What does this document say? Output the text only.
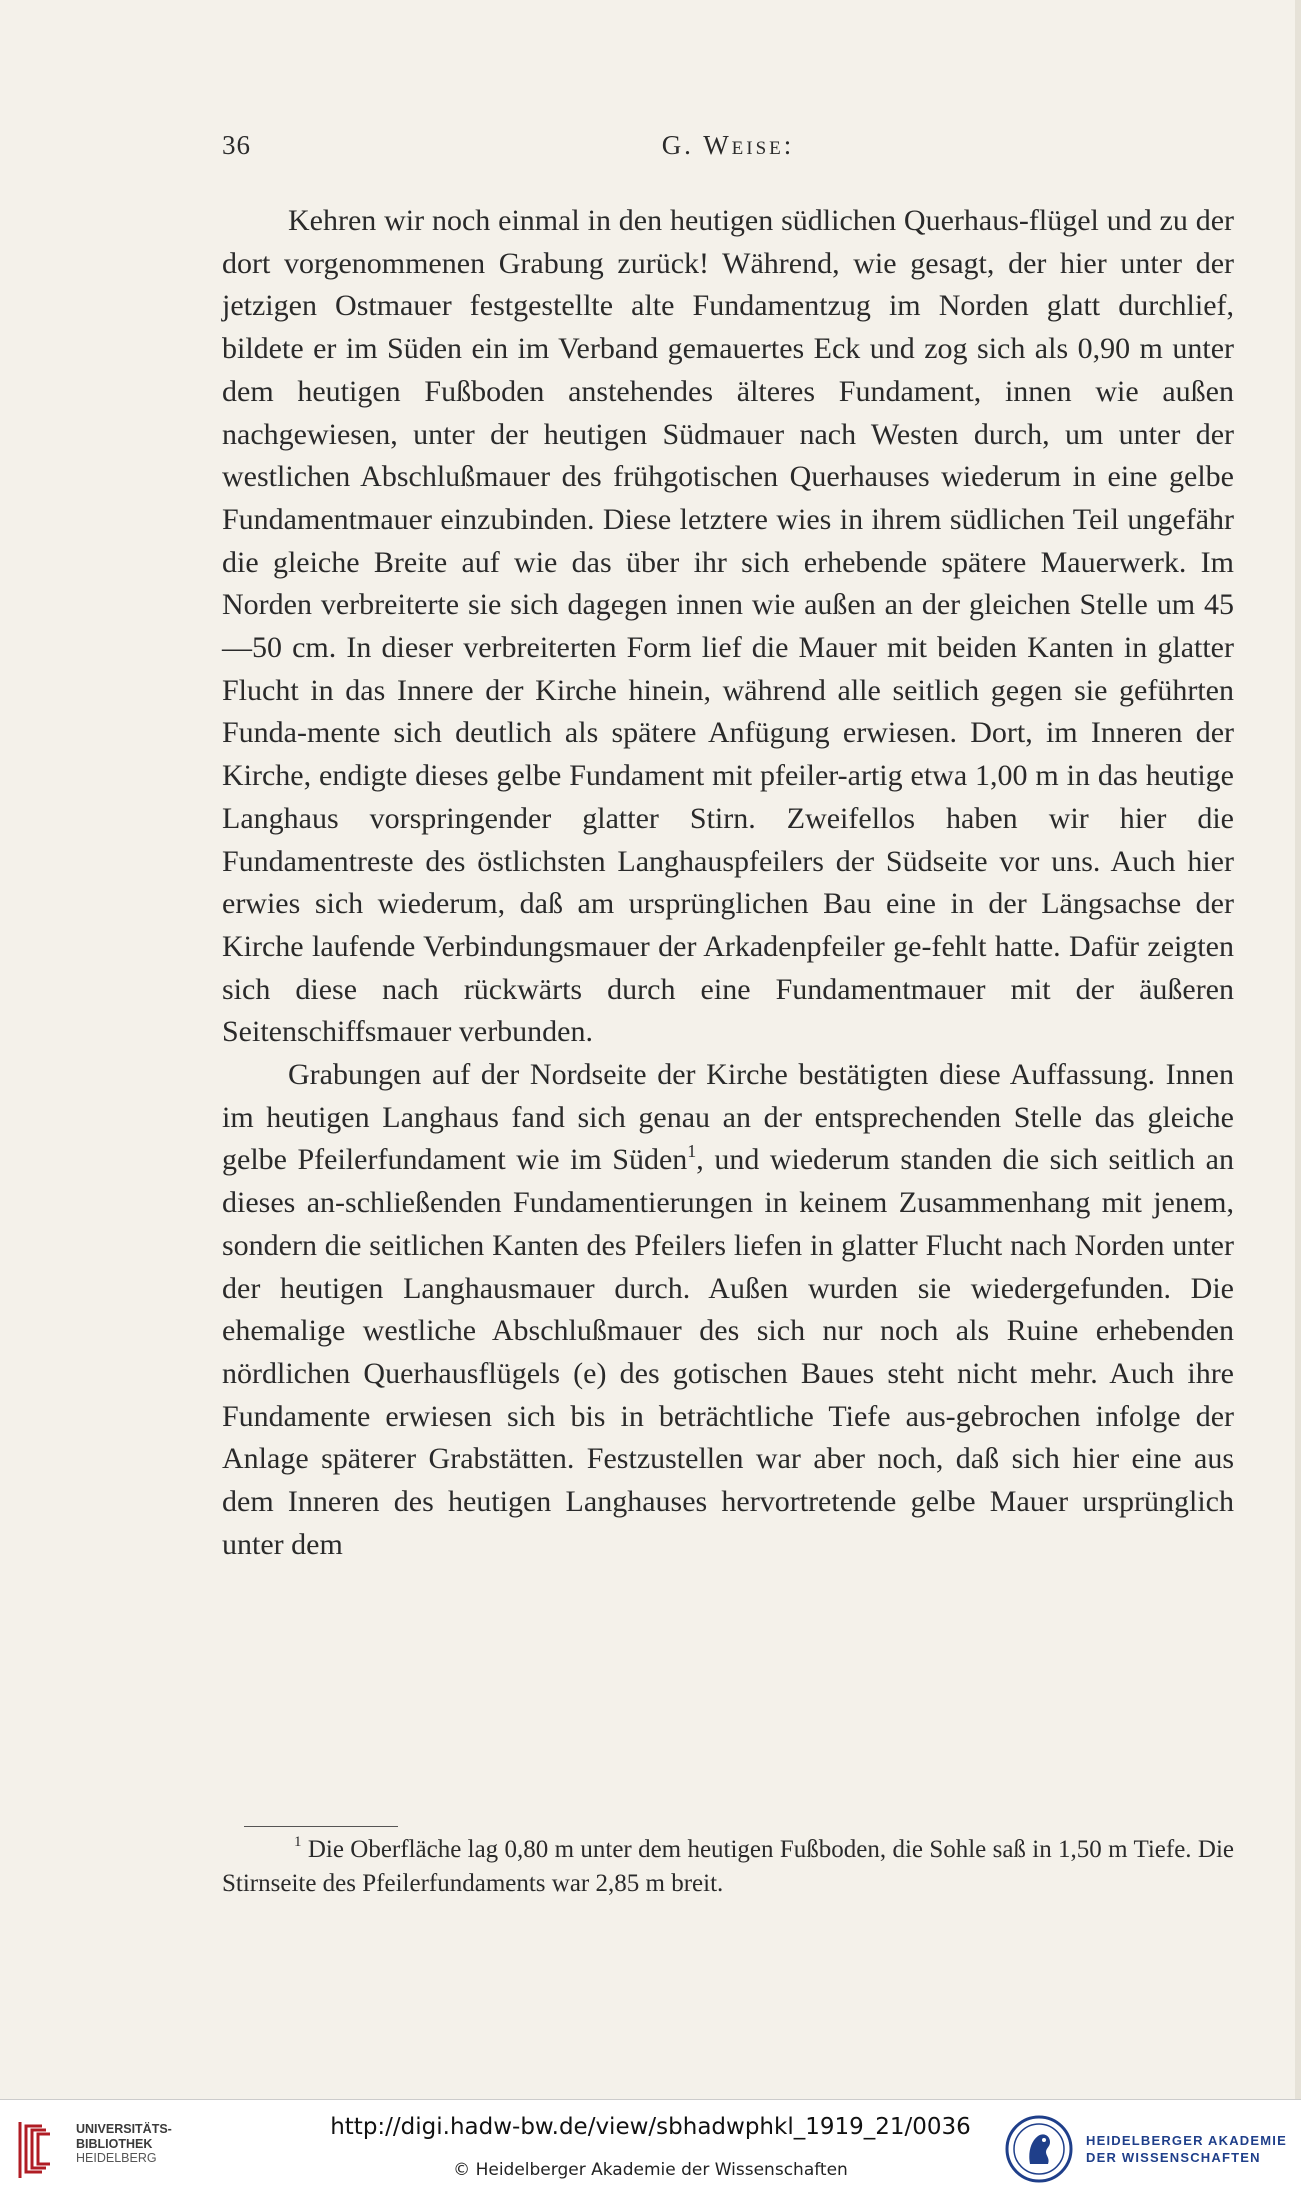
36	G. Weise:

Kehren wir noch einmal in den heutigen südlichen Querhaus-flügel und zu der dort vorgenommenen Grabung zurück! Während, wie gesagt, der hier unter der jetzigen Ostmauer festgestellte alte Fundamentzug im Norden glatt durchlief, bildete er im Süden ein im Verband gemauertes Eck und zog sich als 0,90 m unter dem heutigen Fußboden anstehendes älteres Fundament, innen wie außen nachgewiesen, unter der heutigen Südmauer nach Westen durch, um unter der westlichen Abschlußmauer des frühgotischen Querhauses wiederum in eine gelbe Fundamentmauer einzubinden. Diese letztere wies in ihrem südlichen Teil ungefähr die gleiche Breite auf wie das über ihr sich erhebende spätere Mauerwerk. Im Norden verbreiterte sie sich dagegen innen wie außen an der gleichen Stelle um 45—50 cm. In dieser verbreiterten Form lief die Mauer mit beiden Kanten in glatter Flucht in das Innere der Kirche hinein, während alle seitlich gegen sie geführten Funda-mente sich deutlich als spätere Anfügung erwiesen. Dort, im Inneren der Kirche, endigte dieses gelbe Fundament mit pfeiler-artig etwa 1,00 m in das heutige Langhaus vorspringender glatter Stirn. Zweifellos haben wir hier die Fundamentreste des östlichsten Langhauspfeilers der Südseite vor uns. Auch hier erwies sich wiederum, daß am ursprünglichen Bau eine in der Längsachse der Kirche laufende Verbindungsmauer der Arkadenpfeiler ge-fehlt hatte. Dafür zeigten sich diese nach rückwärts durch eine Fundamentmauer mit der äußeren Seitenschiffsmauer verbunden.

Grabungen auf der Nordseite der Kirche bestätigten diese Auffassung. Innen im heutigen Langhaus fand sich genau an der entsprechenden Stelle das gleiche gelbe Pfeilerfundament wie im Süden$^1$, und wiederum standen die sich seitlich an dieses an-schließenden Fundamentierungen in keinem Zusammenhang mit jenem, sondern die seitlichen Kanten des Pfeilers liefen in glatter Flucht nach Norden unter der heutigen Langhausmauer durch. Außen wurden sie wiedergefunden. Die ehemalige westliche Abschlußmauer des sich nur noch als Ruine erhebenden nördlichen Querhausflügels (e) des gotischen Baues steht nicht mehr. Auch ihre Fundamente erwiesen sich bis in beträchtliche Tiefe aus-gebrochen infolge der Anlage späterer Grabstätten. Festzustellen war aber noch, daß sich hier eine aus dem Inneren des heutigen Langhauses hervortretende gelbe Mauer ursprünglich unter dem

$^1$ Die Oberfläche lag 0,80 m unter dem heutigen Fußboden, die Sohle saß in 1,50 m Tiefe. Die Stirnseite des Pfeilerfundaments war 2,85 m breit.

UNIVERSITÄTS-
BIBLIOTHEK
HEIDELBERG
http://digi.hadw-bw.de/view/sbhadwphkl_1919_21/0036
© Heidelberger Akademie der Wissenschaften
HEIDELBERGER AKADEMIE
DER WISSENSCHAFTEN
